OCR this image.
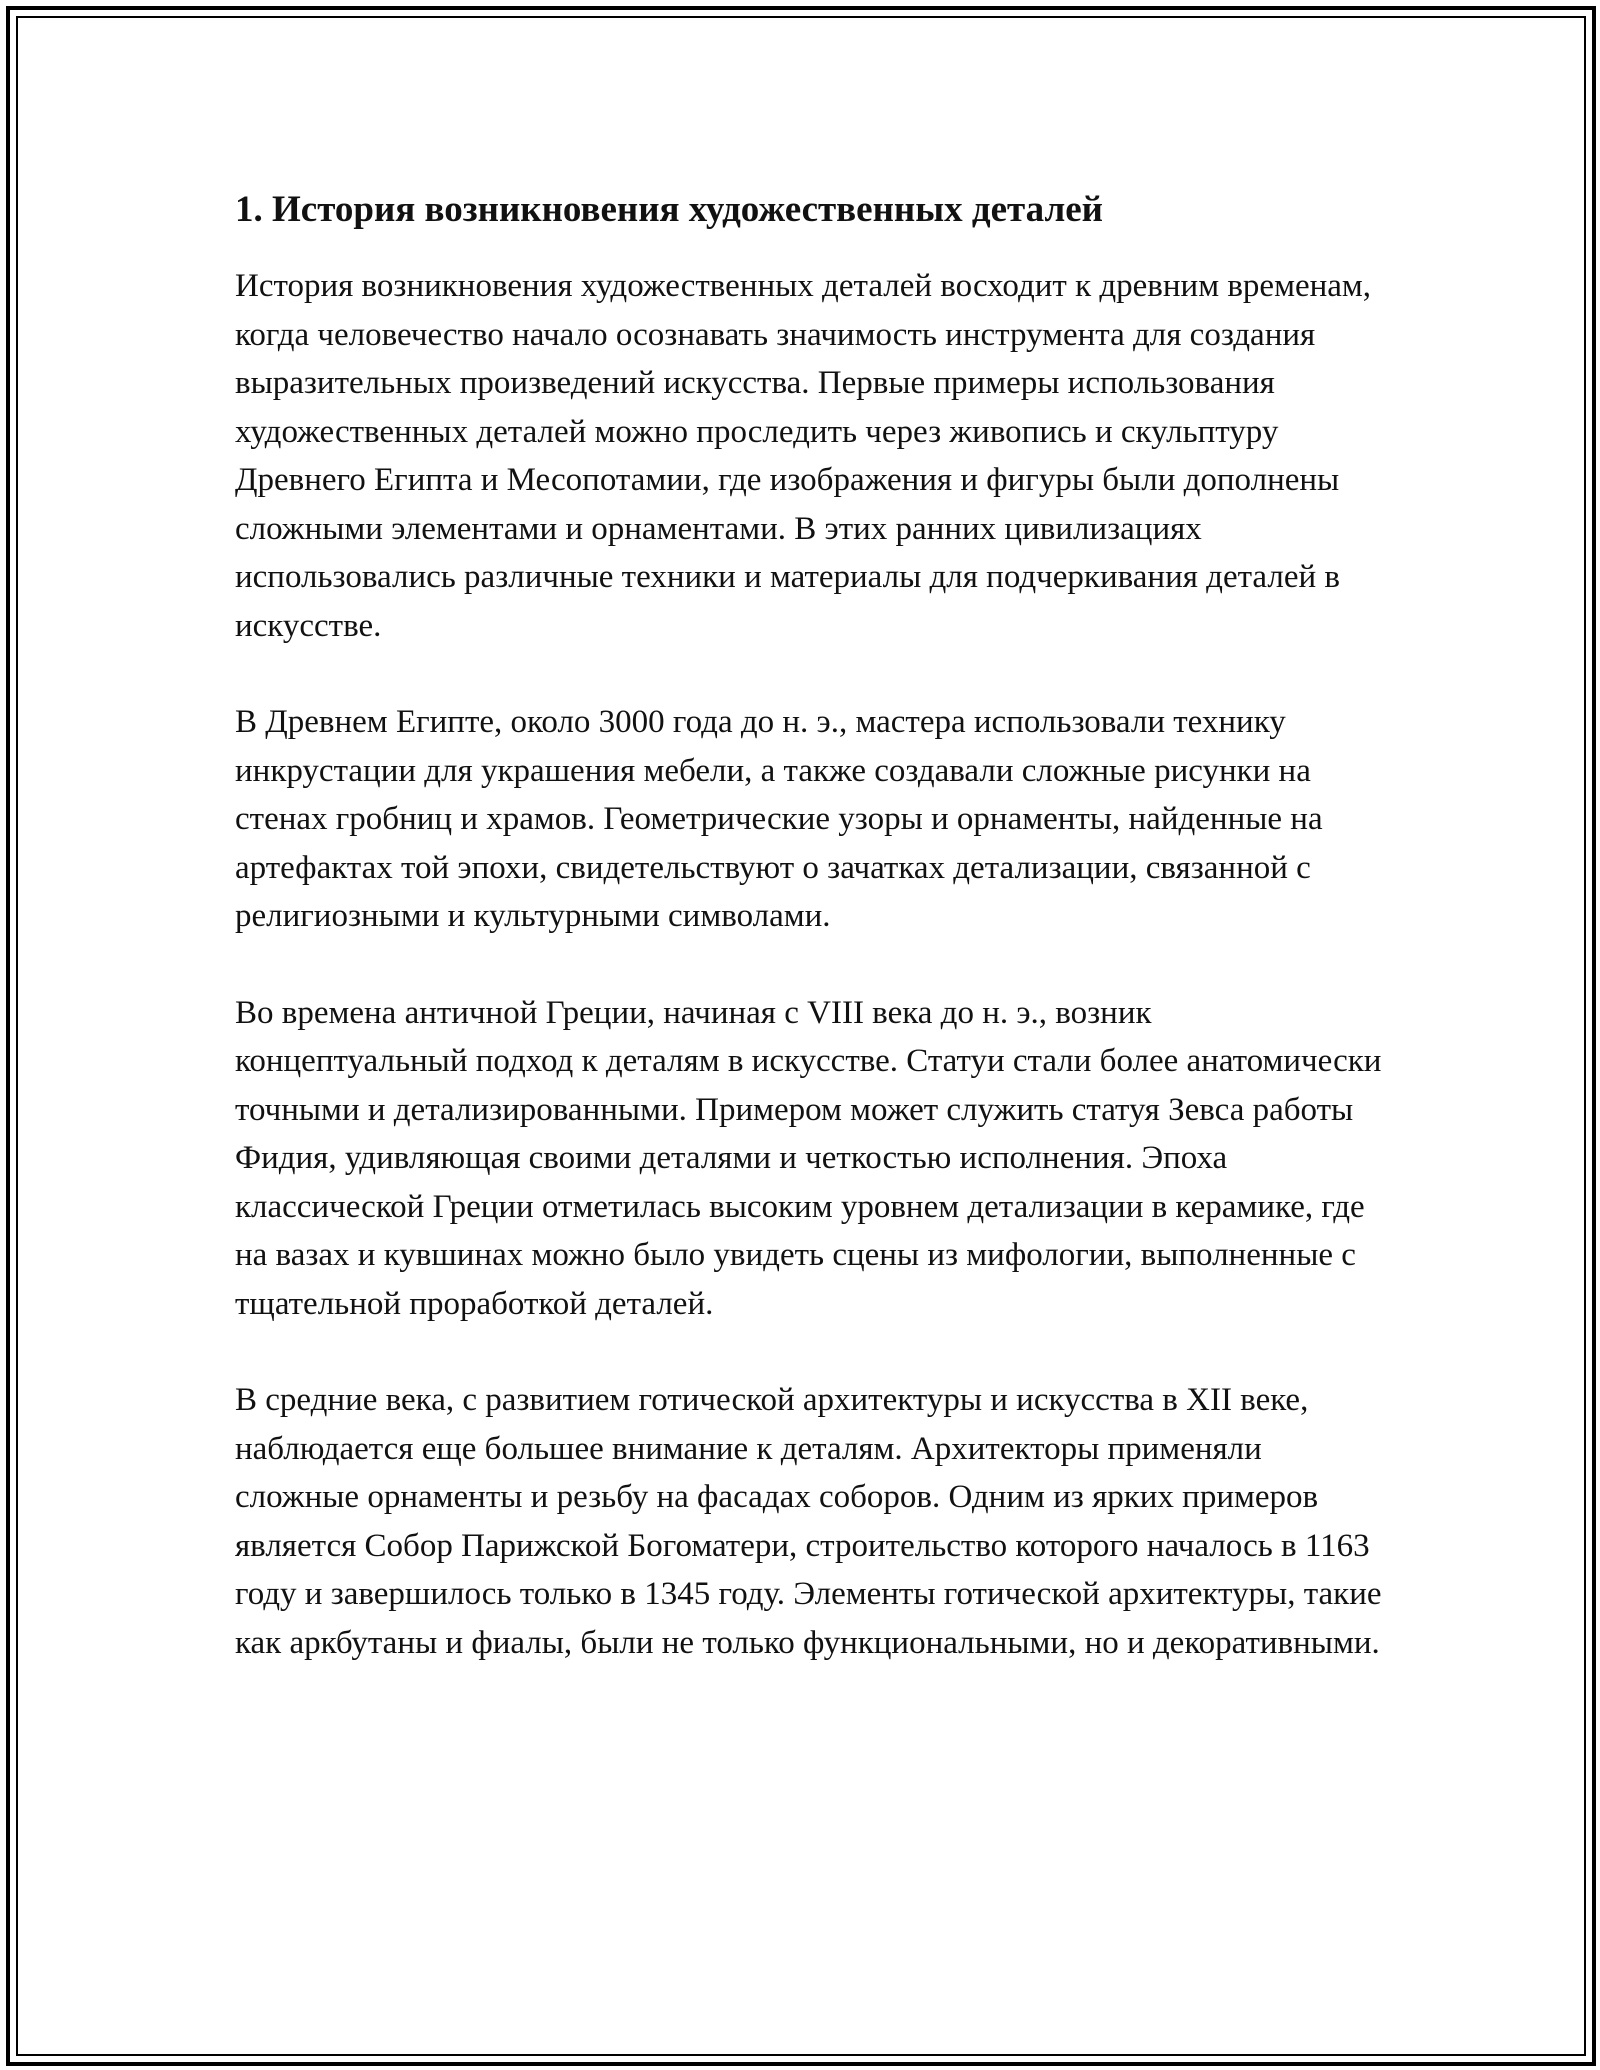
1. История возникновения художественных деталей

История возникновения художественных деталей восходит к древним временам, когда человечество начало осознавать значимость инструмента для создания выразительных произведений искусства. Первые примеры использования художественных деталей можно проследить через живопись и скульптуру Древнего Египта и Месопотамии, где изображения и фигуры были дополнены сложными элементами и орнаментами. В этих ранних цивилизациях использовались различные техники и материалы для подчеркивания деталей в искусстве.

В Древнем Египте, около 3000 года до н. э., мастера использовали технику инкрустации для украшения мебели, а также создавали сложные рисунки на стенах гробниц и храмов. Геометрические узоры и орнаменты, найденные на артефактах той эпохи, свидетельствуют о зачатках детализации, связанной с религиозными и культурными символами.

Во времена античной Греции, начиная с VIII века до н. э., возник концептуальный подход к деталям в искусстве. Статуи стали более анатомически точными и детализированными. Примером может служить статуя Зевса работы Фидия, удивляющая своими деталями и четкостью исполнения. Эпоха классической Греции отметилась высоким уровнем детализации в керамике, где на вазах и кувшинах можно было увидеть сцены из мифологии, выполненные с тщательной проработкой деталей.

В средние века, с развитием готической архитектуры и искусства в XII веке, наблюдается еще большее внимание к деталям. Архитекторы применяли сложные орнаменты и резьбу на фасадах соборов. Одним из ярких примеров является Собор Парижской Богоматери, строительство которого началось в 1163 году и завершилось только в 1345 году. Элементы готической архитектуры, такие как аркбутаны и фиалы, были не только функциональными, но и декоративными.
